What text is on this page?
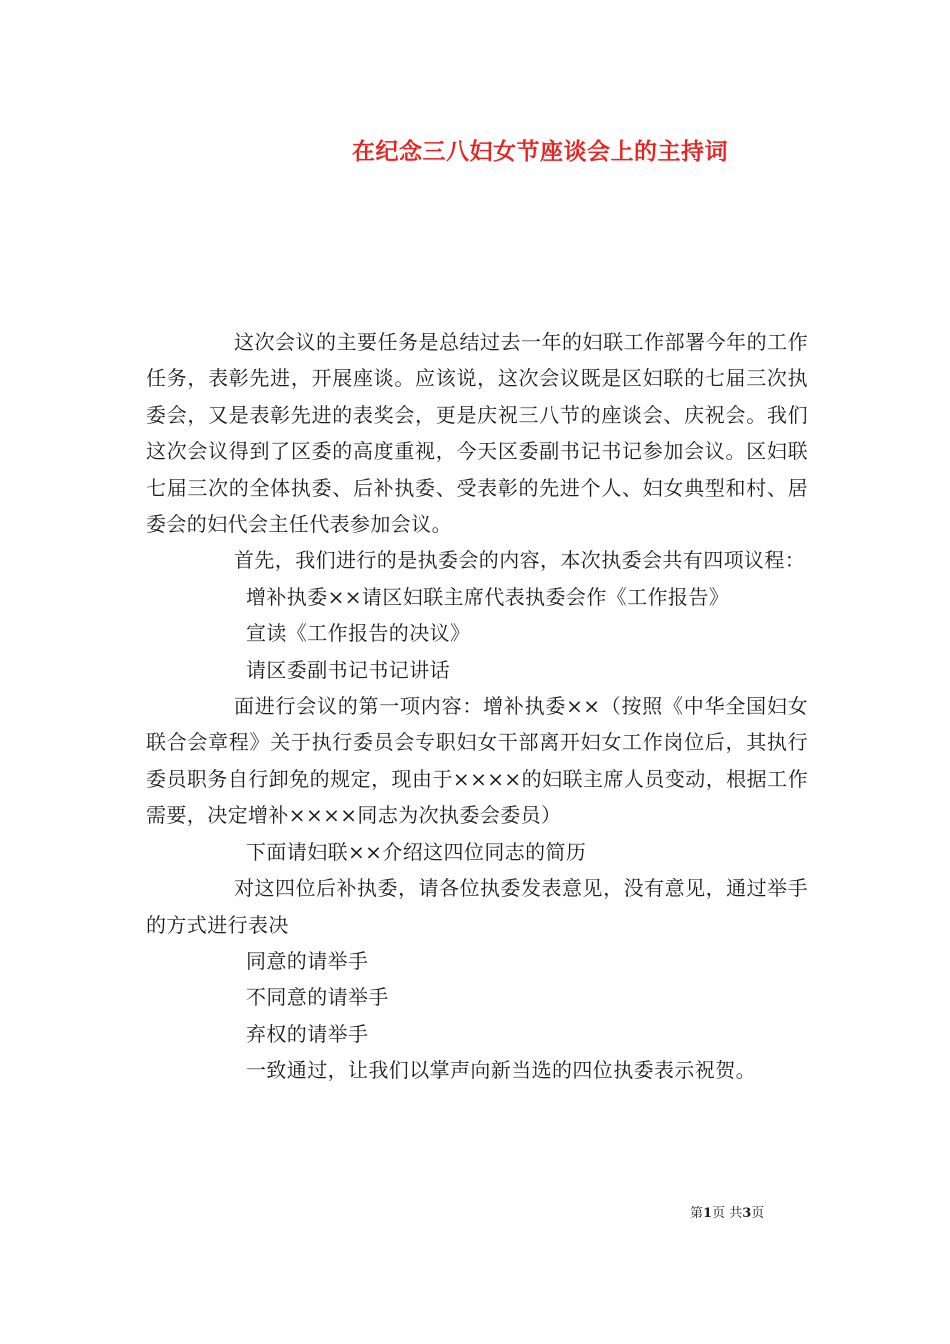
在纪念三八妇女节座谈会上的主持词

这次会议的主要任务是总结过去一年的妇联工作部署今年的工作任务，表彰先进，开展座谈。应该说，这次会议既是区妇联的七届三次执委会，又是表彰先进的表奖会，更是庆祝三八节的座谈会、庆祝会。我们这次会议得到了区委的高度重视，今天区委副书记书记参加会议。区妇联七届三次的全体执委、后补执委、受表彰的先进个人、妇女典型和村、居委会的妇代会主任代表参加会议。

首先，我们进行的是执委会的内容，本次执委会共有四项议程：

增补执委××请区妇联主席代表执委会作《工作报告》

宣读《工作报告的决议》

请区委副书记书记讲话

面进行会议的第一项内容：增补执委××（按照《中华全国妇女联合会章程》关于执行委员会专职妇女干部离开妇女工作岗位后，其执行委员职务自行卸免的规定，现由于××××的妇联主席人员变动，根据工作需要，决定增补××××同志为次执委会委员）

下面请妇联××介绍这四位同志的简历

对这四位后补执委，请各位执委发表意见，没有意见，通过举手的方式进行表决

同意的请举手

不同意的请举手

弃权的请举手

一致通过，让我们以掌声向新当选的四位执委表示祝贺。

第1页 共3页
